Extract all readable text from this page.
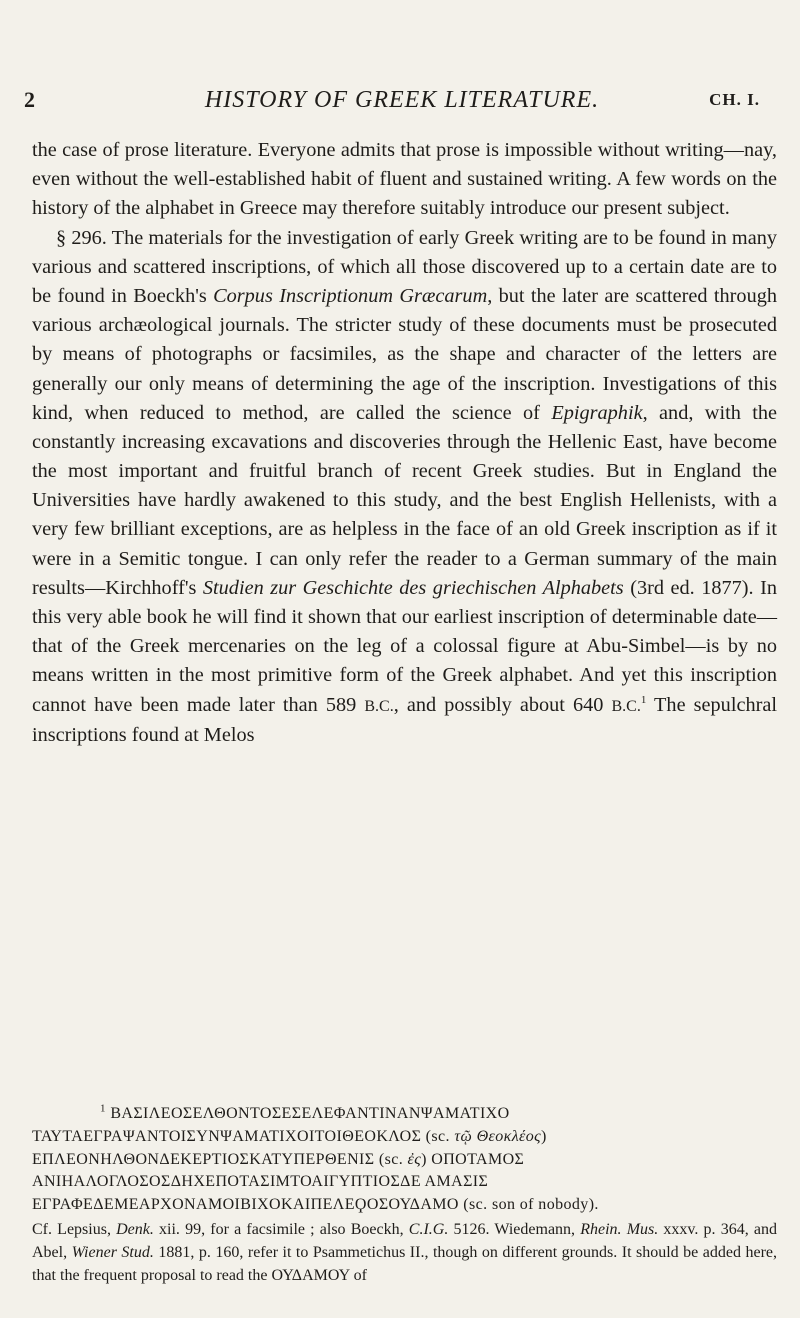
2	HISTORY OF GREEK LITERATURE.	CH. I.

the case of prose literature. Everyone admits that prose is impossible without writing—nay, even without the well-established habit of fluent and sustained writing. A few words on the history of the alphabet in Greece may therefore suitably introduce our present subject.

§ 296. The materials for the investigation of early Greek writing are to be found in many various and scattered inscriptions, of which all those discovered up to a certain date are to be found in Boeckh's Corpus Inscriptionum Græcarum, but the later are scattered through various archæological journals. The stricter study of these documents must be prosecuted by means of photographs or facsimiles, as the shape and character of the letters are generally our only means of determining the age of the inscription. Investigations of this kind, when reduced to method, are called the science of Epigraphik, and, with the constantly increasing excavations and discoveries through the Hellenic East, have become the most important and fruitful branch of recent Greek studies. But in England the Universities have hardly awakened to this study, and the best English Hellenists, with a very few brilliant exceptions, are as helpless in the face of an old Greek inscription as if it were in a Semitic tongue. I can only refer the reader to a German summary of the main results—Kirchhoff's Studien zur Geschichte des griechischen Alphabets (3rd ed. 1877). In this very able book he will find it shown that our earliest inscription of determinable date—that of the Greek mercenaries on the leg of a colossal figure at Abu-Simbel—is by no means written in the most primitive form of the Greek alphabet. And yet this inscription cannot have been made later than 589 B.C., and possibly about 640 B.C.$^1$ The sepulchral inscriptions found at Melos

$^1$ ΒΑΣΙΛΕΟΣΕΛΘΟΝΤΟΣΕΣΕΛΕΦΑΝΤΙΝΑΝΨΑΜΑΤΙΧΟ
ΤΑΥΤΑΕΓΡΑΨΑΝΤΟΙΣΥΝΨΑΜΑΤΙΧΟΙΤΟΙΘΕΟΚΛΟΣ (sc. τῷ Θεοκλέος)
ΕΠΛΕΟΝΗΛΘΟΝΔΕΚΕΡΤΙΟΣΚΑΤΥΠΕΡΘΕΝΙΣ (sc. ἐς) ΟΠΟΤΑΜΟΣ
ΑΝΙΗΑΛΟΓΛΟΣΟΣΔΗΧΕΠΟΤΑΣΙΜΤΟΑΙΓΥΠΤΙΟΣΔΕ ΑΜΑΣΙΣ
ΕΓΡΑΦΕΔΕΜΕΑΡΧΟΝΑΜΟΙΒΙΧΟΚΑΙΠΕΛΕϘΟΣΟΥΔΑΜΟ (sc. son of nobody).
Cf. Lepsius, Denk. xii. 99, for a facsimile ; also Boeckh, C.I.G. 5126. Wiedemann, Rhein. Mus. xxxv. p. 364, and Abel, Wiener Stud. 1881, p. 160, refer it to Psammetichus II., though on different grounds. It should be added here, that the frequent proposal to read the ΟΥΔΑΜΟΥ of
